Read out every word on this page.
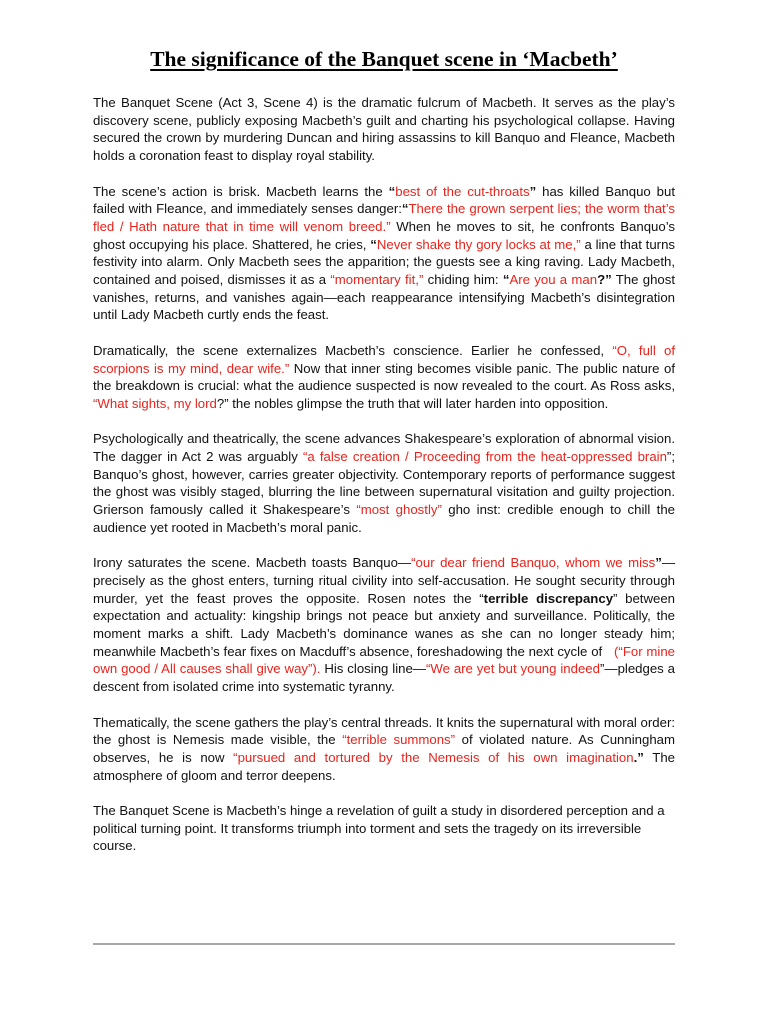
The significance of the Banquet scene in ‘Macbeth’

The Banquet Scene (Act 3, Scene 4) is the dramatic fulcrum of Macbeth. It serves as the play’s discovery scene, publicly exposing Macbeth’s guilt and charting his psychological collapse. Having secured the crown by murdering Duncan and hiring assassins to kill Banquo and Fleance, Macbeth holds a coronation feast to display royal stability.

The scene’s action is brisk. Macbeth learns the “best of the cut-throats” has killed Banquo but failed with Fleance, and immediately senses danger:“There the grown serpent lies; the worm that’s fled / Hath nature that in time will venom breed.” When he moves to sit, he confronts Banquo’s ghost occupying his place. Shattered, he cries, “Never shake thy gory locks at me,” a line that turns festivity into alarm. Only Macbeth sees the apparition; the guests see a king raving. Lady Macbeth, contained and poised, dismisses it as a “momentary fit,” chiding him: “Are you a man?” The ghost vanishes, returns, and vanishes again—each reappearance intensifying Macbeth’s disintegration until Lady Macbeth curtly ends the feast.

Dramatically, the scene externalizes Macbeth’s conscience. Earlier he confessed, “O, full of scorpions is my mind, dear wife.” Now that inner sting becomes visible panic. The public nature of the breakdown is crucial: what the audience suspected is now revealed to the court. As Ross asks, “What sights, my lord?” the nobles glimpse the truth that will later harden into opposition.

Psychologically and theatrically, the scene advances Shakespeare’s exploration of abnormal vision. The dagger in Act 2 was arguably “a false creation / Proceeding from the heat-oppressed brain”; Banquo’s ghost, however, carries greater objectivity. Contemporary reports of performance suggest the ghost was visibly staged, blurring the line between supernatural visitation and guilty projection. Grierson famously called it Shakespeare’s “most ghostly” gho inst: credible enough to chill the audience yet rooted in Macbeth’s moral panic.

Irony saturates the scene. Macbeth toasts Banquo—“our dear friend Banquo, whom we miss”—precisely as the ghost enters, turning ritual civility into self-accusation. He sought security through murder, yet the feast proves the opposite. Rosen notes the “terrible discrepancy” between expectation and actuality: kingship brings not peace but anxiety and surveillance. Politically, the moment marks a shift. Lady Macbeth’s dominance wanes as she can no longer steady him; meanwhile Macbeth’s fear fixes on Macduff’s absence, foreshadowing the next cycle of (“For mine own good / All causes shall give way”). His closing line—“We are yet but young indeed”—pledges a descent from isolated crime into systematic tyranny.

Thematically, the scene gathers the play’s central threads. It knits the supernatural with moral order: the ghost is Nemesis made visible, the “terrible summons” of violated nature. As Cunningham observes, he is now “pursued and tortured by the Nemesis of his own imagination.” The atmosphere of gloom and terror deepens.

The Banquet Scene is Macbeth’s hinge a revelation of guilt a study in disordered perception and a political turning point. It transforms triumph into torment and sets the tragedy on its irreversible course.
